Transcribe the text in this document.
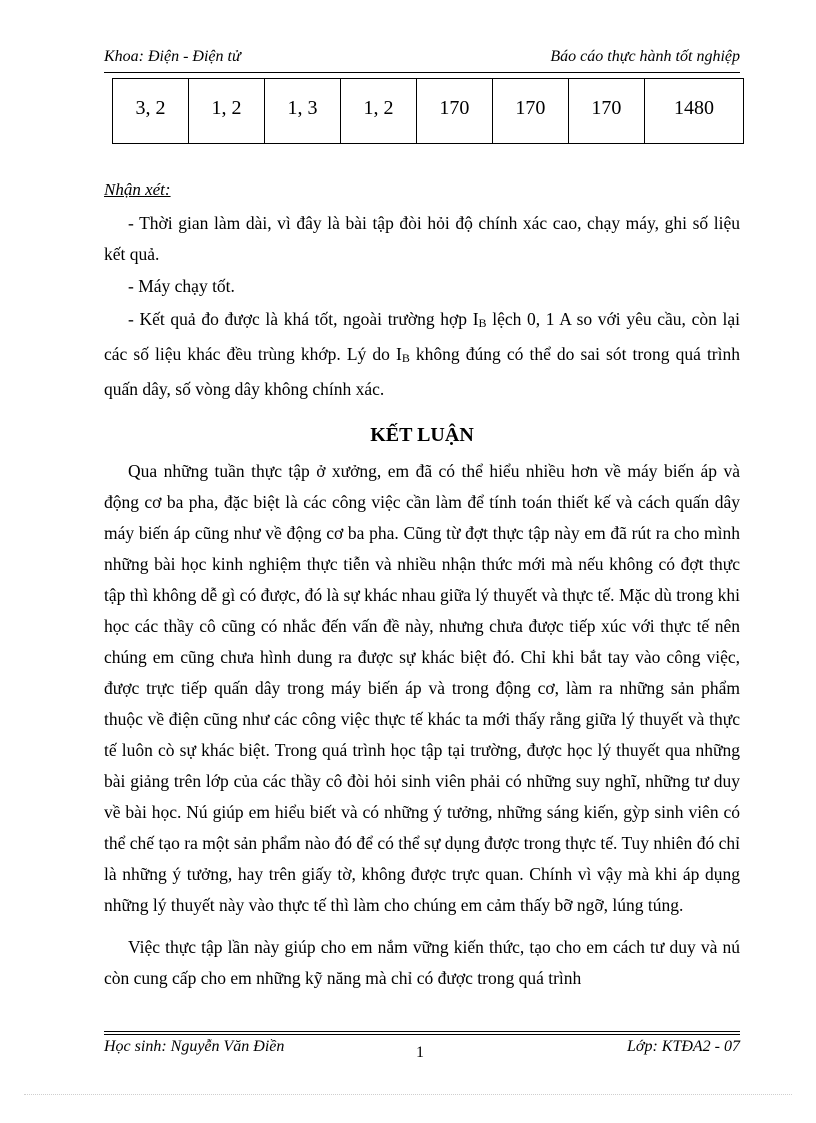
Khoa: Điện - Điện tử	Báo cáo thực hành tốt nghiệp
3, 2	1, 2	1, 3	1, 2	170	170	170	1480
Nhận xét:
- Thời gian làm dài, vì đây là bài tập đòi hỏi độ chính xác cao, chạy máy, ghi số liệu kết quả.
- Máy chạy tốt.
- Kết quả đo được là khá tốt, ngoài trường hợp $I_B$ lệch 0, 1 A so với yêu cầu, còn lại các số liệu khác đều trùng khớp. Lý do $I_B$ không đúng có thể do sai sót trong quá trình quấn dây, số vòng dây không chính xác.
KẾT LUẬN
Qua những tuần thực tập ở xưởng, em đã có thể hiểu nhiều hơn về máy biến áp và động cơ ba pha, đặc biệt là các công việc cần làm để tính toán thiết kế và cách quấn dây máy biến áp cũng như về động cơ ba pha. Cũng từ đợt thực tập này em đã rút ra cho mình những bài học kinh nghiệm thực tiễn và nhiều nhận thức mới mà nếu không có đợt thực tập thì không dễ gì có được, đó là sự khác nhau giữa lý thuyết và thực tế. Mặc dù trong khi học các thầy cô cũng có nhắc đến vấn đề này, nhưng chưa được tiếp xúc với thực tế nên chúng em cũng chưa hình dung ra được sự khác biệt đó. Chỉ khi bắt tay vào công việc, được trực tiếp quấn dây trong máy biến áp và trong động cơ, làm ra những sản phẩm thuộc về điện cũng như các công việc thực tế khác ta mới thấy rằng giữa lý thuyết và thực tế luôn cò sự khác biệt. Trong quá trình học tập tại trường, được học lý thuyết qua những bài giảng trên lớp của các thầy cô đòi hỏi sinh viên phải có những suy nghĩ, những tư duy về bài học. Nú giúp em hiểu biết và có những ý tưởng, những sáng kiến, gỳp sinh viên có thể chế tạo ra một sản phẩm nào đó để có thể sự dụng được trong thực tế. Tuy nhiên đó chỉ là những ý tưởng, hay trên giấy tờ, không được trực quan. Chính vì vậy mà khi áp dụng những lý thuyết này vào thực tế thì làm cho chúng em cảm thấy bỡ ngỡ, lúng túng.
Việc thực tập lần này giúp cho em nắm vững kiến thức, tạo cho em cách tư duy và nú còn cung cấp cho em những kỹ năng mà chỉ có được trong quá trình
Học sinh: Nguyễn Văn Điền	1	Lớp: KTĐA2 - 07
